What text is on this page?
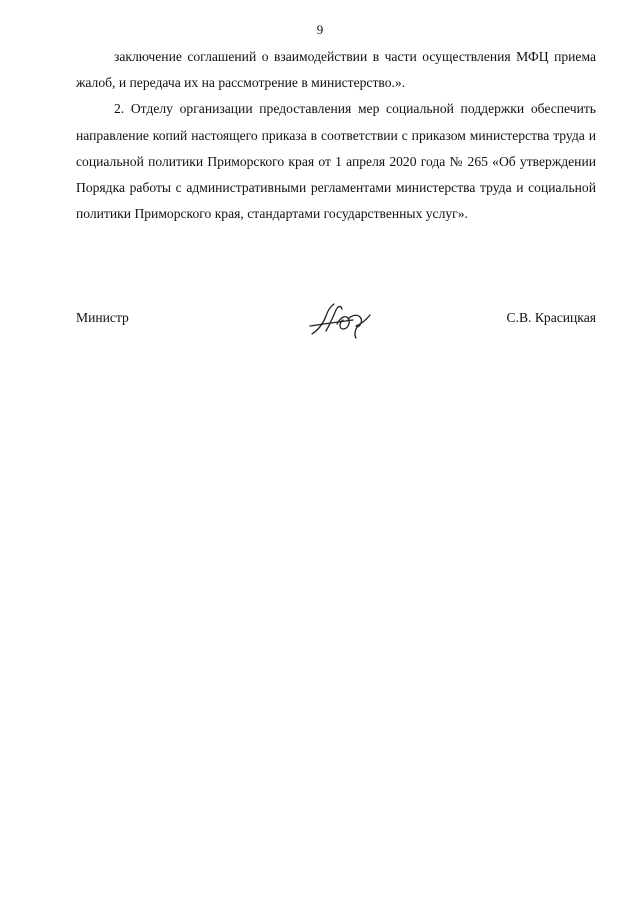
9

заключение соглашений о взаимодействии в части осуществления МФЦ приема жалоб, и передача их на рассмотрение в министерство.».

2. Отделу организации предоставления мер социальной поддержки обеспечить направление копий настоящего приказа в соответствии с приказом министерства труда и социальной политики Приморского края от 1 апреля 2020 года № 265 «Об утверждении Порядка работы с административными регламентами министерства труда и социальной политики Приморского края, стандартами государственных услуг».

Министр	С.В. Красицкая
